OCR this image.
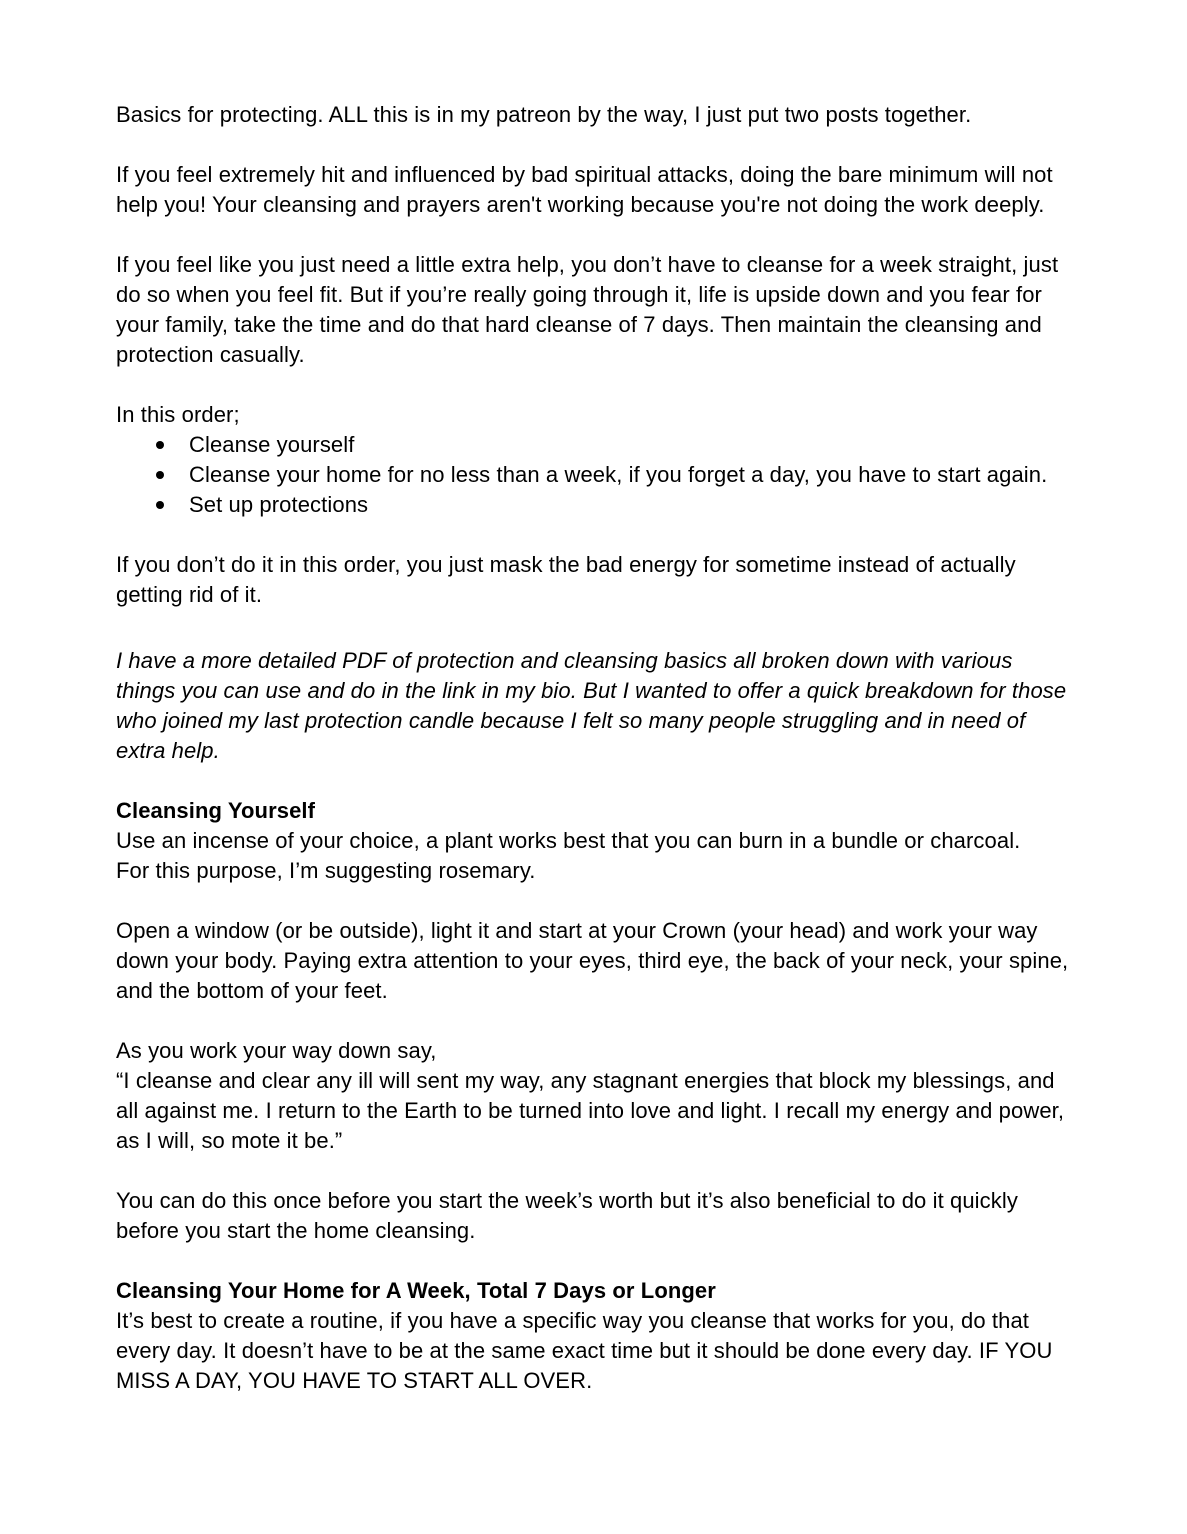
Basics for protecting. ALL this is in my patreon by the way, I just put two posts together.

If you feel extremely hit and influenced by bad spiritual attacks, doing the bare minimum will not help you! Your cleansing and prayers aren't working because you're not doing the work deeply.

If you feel like you just need a little extra help, you don’t have to cleanse for a week straight, just do so when you feel fit. But if you’re really going through it, life is upside down and you fear for your family, take the time and do that hard cleanse of 7 days. Then maintain the cleansing and protection casually.

In this order;

Cleanse yourself
Cleanse your home for no less than a week, if you forget a day, you have to start again.
Set up protections

If you don’t do it in this order, you just mask the bad energy for sometime instead of actually getting rid of it.

I have a more detailed PDF of protection and cleansing basics all broken down with various things you can use and do in the link in my bio. But I wanted to offer a quick breakdown for those who joined my last protection candle because I felt so many people struggling and in need of extra help.

Cleansing Yourself

Use an incense of your choice, a plant works best that you can burn in a bundle or charcoal.

For this purpose, I’m suggesting rosemary.

Open a window (or be outside), light it and start at your Crown (your head) and work your way down your body. Paying extra attention to your eyes, third eye, the back of your neck, your spine, and the bottom of your feet.

As you work your way down say,

“I cleanse and clear any ill will sent my way, any stagnant energies that block my blessings, and all against me. I return to the Earth to be turned into love and light. I recall my energy and power, as I will, so mote it be.”

You can do this once before you start the week’s worth but it’s also beneficial to do it quickly before you start the home cleansing.

Cleansing Your Home for A Week, Total 7 Days or Longer

It’s best to create a routine, if you have a specific way you cleanse that works for you, do that every day. It doesn’t have to be at the same exact time but it should be done every day. IF YOU MISS A DAY, YOU HAVE TO START ALL OVER.
